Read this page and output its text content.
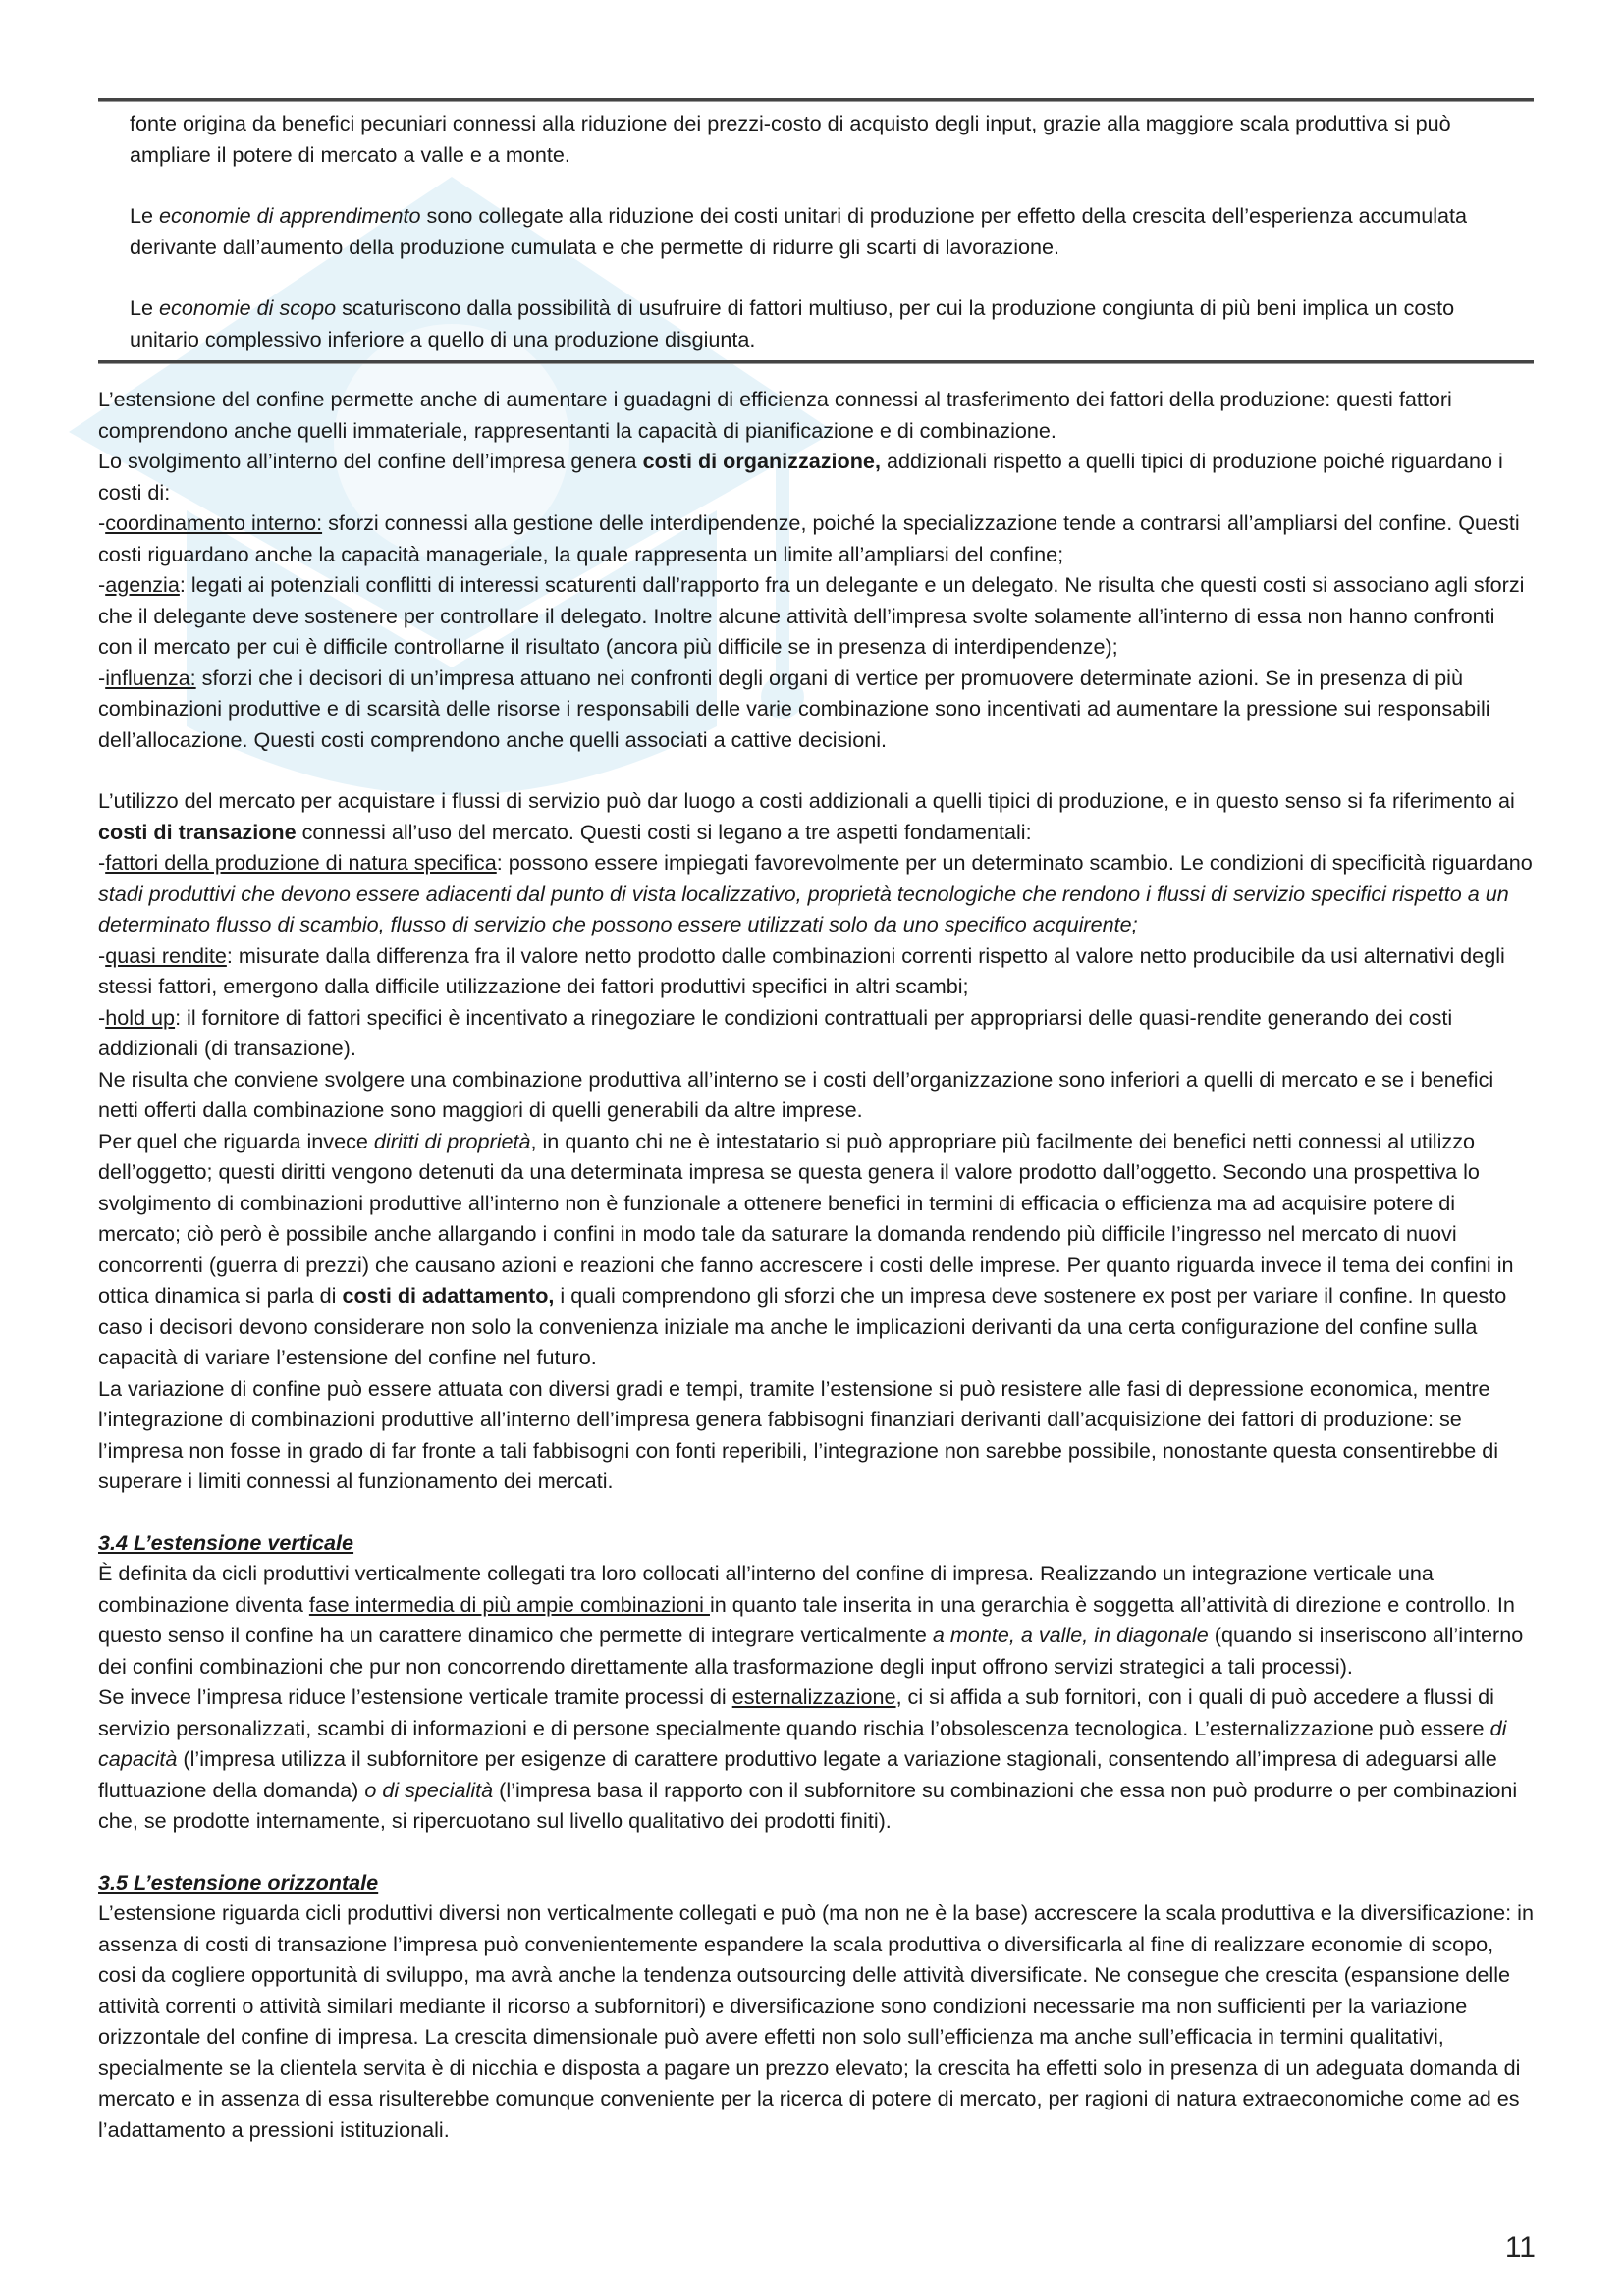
fonte origina da benefici pecuniari connessi alla riduzione dei prezzi-costo di acquisto degli input, grazie alla maggiore scala produttiva si può ampliare il potere di mercato a valle e a monte.

Le economie di apprendimento sono collegate alla riduzione dei costi unitari di produzione per effetto della crescita dell’esperienza accumulata derivante dall’aumento della produzione cumulata e che permette di ridurre gli scarti di lavorazione.

Le economie di scopo scaturiscono dalla possibilità di usufruire di fattori multiuso, per cui la produzione congiunta di più beni implica un costo unitario complessivo inferiore a quello di una produzione disgiunta.

L’estensione del confine permette anche di aumentare i guadagni di efficienza connessi al trasferimento dei fattori della produzione: questi fattori comprendono anche quelli immateriale, rappresentanti la capacità di pianificazione e di combinazione.

Lo svolgimento all’interno del confine dell’impresa genera costi di organizzazione, addizionali rispetto a quelli tipici di produzione poiché riguardano i costi di:

-coordinamento interno: sforzi connessi alla gestione delle interdipendenze, poiché la specializzazione tende a contrarsi all’ampliarsi del confine. Questi costi riguardano anche la capacità manageriale, la quale rappresenta un limite all’ampliarsi del confine;

-agenzia: legati ai potenziali conflitti di interessi scaturenti dall’rapporto fra un delegante e un delegato. Ne risulta che questi costi si associano agli sforzi che il delegante deve sostenere per controllare il delegato. Inoltre alcune attività dell’impresa svolte solamente all’interno di essa non hanno confronti con il mercato per cui è difficile controllarne il risultato (ancora più difficile se in presenza di interdipendenze);

-influenza: sforzi che i decisori di un’impresa attuano nei confronti degli organi di vertice per promuovere determinate azioni. Se in presenza di più combinazioni produttive e di scarsità delle risorse i responsabili delle varie combinazione sono incentivati ad aumentare la pressione sui responsabili dell’allocazione. Questi costi comprendono anche quelli associati a cattive decisioni.

L’utilizzo del mercato per acquistare i flussi di servizio può dar luogo a costi addizionali a quelli tipici di produzione, e in questo senso si fa riferimento ai costi di transazione connessi all’uso del mercato. Questi costi si legano a tre aspetti fondamentali:

-fattori della produzione di natura specifica: possono essere impiegati favorevolmente per un determinato scambio. Le condizioni di specificità riguardano stadi produttivi che devono essere adiacenti dal punto di vista localizzativo, proprietà tecnologiche che rendono i flussi di servizio specifici rispetto a un determinato flusso di scambio, flusso di servizio che possono essere utilizzati solo da uno specifico acquirente;

-quasi rendite: misurate dalla differenza fra il valore netto prodotto dalle combinazioni correnti rispetto al valore netto producibile da usi alternativi degli stessi fattori, emergono dalla difficile utilizzazione dei fattori produttivi specifici in altri scambi;

-hold up: il fornitore di fattori specifici è incentivato a rinegoziare le condizioni contrattuali per appropriarsi delle quasi-rendite generando dei costi addizionali (di transazione).

Ne risulta che conviene svolgere una combinazione produttiva all’interno se i costi dell’organizzazione sono inferiori a quelli di mercato e se i benefici netti offerti dalla combinazione sono maggiori di quelli generabili da altre imprese.

Per quel che riguarda invece diritti di proprietà, in quanto chi ne è intestatario si può appropriare più facilmente dei benefici netti connessi al utilizzo dell’oggetto; questi diritti vengono detenuti da una determinata impresa se questa genera il valore prodotto dall’oggetto. Secondo una prospettiva lo svolgimento di combinazioni produttive all’interno non è funzionale a ottenere benefici in termini di efficacia o efficienza ma ad acquisire potere di mercato; ciò però è possibile anche allargando i confini in modo tale da saturare la domanda rendendo più difficile l’ingresso nel mercato di nuovi concorrenti (guerra di prezzi) che causano azioni e reazioni che fanno accrescere i costi delle imprese. Per quanto riguarda invece il tema dei confini in ottica dinamica si parla di costi di adattamento, i quali comprendono gli sforzi che un impresa deve sostenere ex post per variare il confine. In questo caso i decisori devono considerare non solo la convenienza iniziale ma anche le implicazioni derivanti da una certa configurazione del confine sulla capacità di variare l’estensione del confine nel futuro.

La variazione di confine può essere attuata con diversi gradi e tempi, tramite l’estensione si può resistere alle fasi di depressione economica, mentre l’integrazione di combinazioni produttive all’interno dell’impresa genera fabbisogni finanziari derivanti dall’acquisizione dei fattori di produzione: se l’impresa non fosse in grado di far fronte a tali fabbisogni con fonti reperibili, l’integrazione non sarebbe possibile, nonostante questa consentirebbe di superare i limiti connessi al funzionamento dei mercati.

3.4 L’estensione verticale

È definita da cicli produttivi verticalmente collegati tra loro collocati all’interno del confine di impresa. Realizzando un integrazione verticale una combinazione diventa fase intermedia di più ampie combinazioni in quanto tale inserita in una gerarchia è soggetta all’attività di direzione e controllo. In questo senso il confine ha un carattere dinamico che permette di integrare verticalmente a monte, a valle, in diagonale (quando si inseriscono all’interno dei confini combinazioni che pur non concorrendo direttamente alla trasformazione degli input offrono servizi strategici a tali processi).

Se invece l’impresa riduce l’estensione verticale tramite processi di esternalizzazione, ci si affida a sub fornitori, con i quali di può accedere a flussi di servizio personalizzati, scambi di informazioni e di persone specialmente quando rischia l’obsolescenza tecnologica. L’esternalizzazione può essere di capacità (l’impresa utilizza il subfornitore per esigenze di carattere produttivo legate a variazione stagionali, consentendo all’impresa di adeguarsi alle fluttuazione della domanda) o di specialità (l’impresa basa il rapporto con il subfornitore su combinazioni che essa non può produrre o per combinazioni che, se prodotte internamente, si ripercuotano sul livello qualitativo dei prodotti finiti).

3.5 L’estensione orizzontale

L’estensione riguarda cicli produttivi diversi non verticalmente collegati e può (ma non ne è la base) accrescere la scala produttiva e la diversificazione: in assenza di costi di transazione l’impresa può convenientemente espandere la scala produttiva o diversificarla al fine di realizzare economie di scopo, cosi da cogliere opportunità di sviluppo, ma avrà anche la tendenza outsourcing delle attività diversificate. Ne consegue che crescita (espansione delle attività correnti o attività similari mediante il ricorso a subfornitori) e diversificazione sono condizioni necessarie ma non sufficienti per la variazione orizzontale del confine di impresa. La crescita dimensionale può avere effetti non solo sull’efficienza ma anche sull’efficacia in termini qualitativi, specialmente se la clientela servita è di nicchia e disposta a pagare un prezzo elevato; la crescita ha effetti solo in presenza di un adeguata domanda di mercato e in assenza di essa risulterebbe comunque conveniente per la ricerca di potere di mercato, per ragioni di natura extraeconomiche come ad es l’adattamento a pressioni istituzionali.

11
